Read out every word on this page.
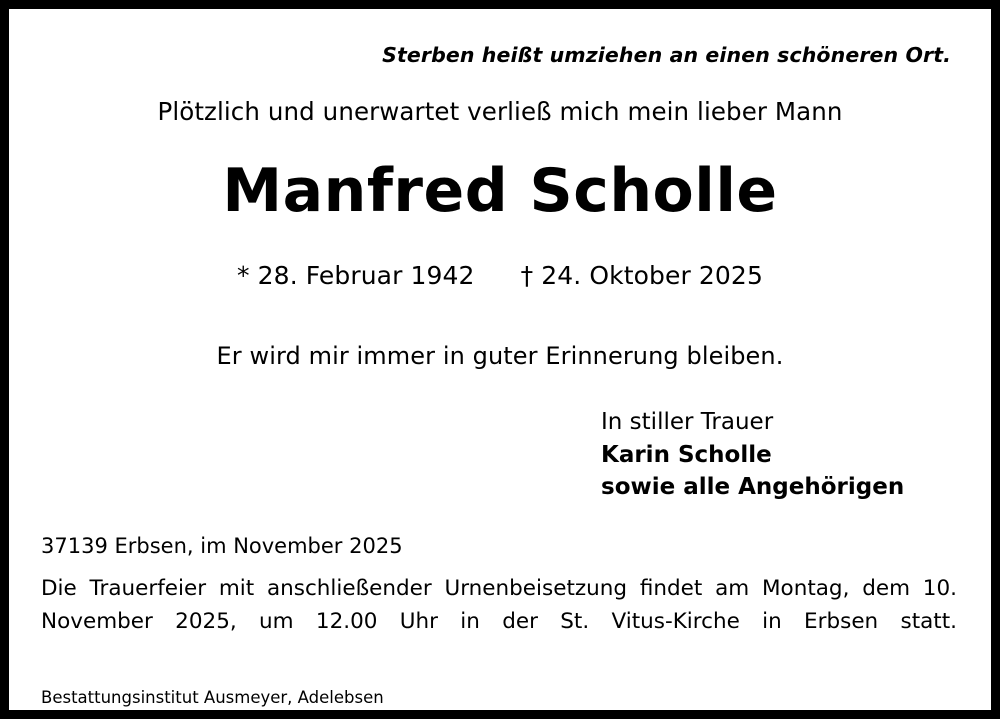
Sterben heißt umziehen an einen schöneren Ort.
Plötzlich und unerwartet verließ mich mein lieber Mann
Manfred Scholle
* 28. Februar 1942 † 24. Oktober 2025
Er wird mir immer in guter Erinnerung bleiben.
In stiller Trauer
Karin Scholle
sowie alle Angehörigen
37139 Erbsen, im November 2025
Die Trauerfeier mit anschließender Urnenbeisetzung findet am Montag, dem 10. November 2025, um 12.00 Uhr in der St. Vitus-Kirche in Erbsen statt.
Bestattungsinstitut Ausmeyer, Adelebsen
